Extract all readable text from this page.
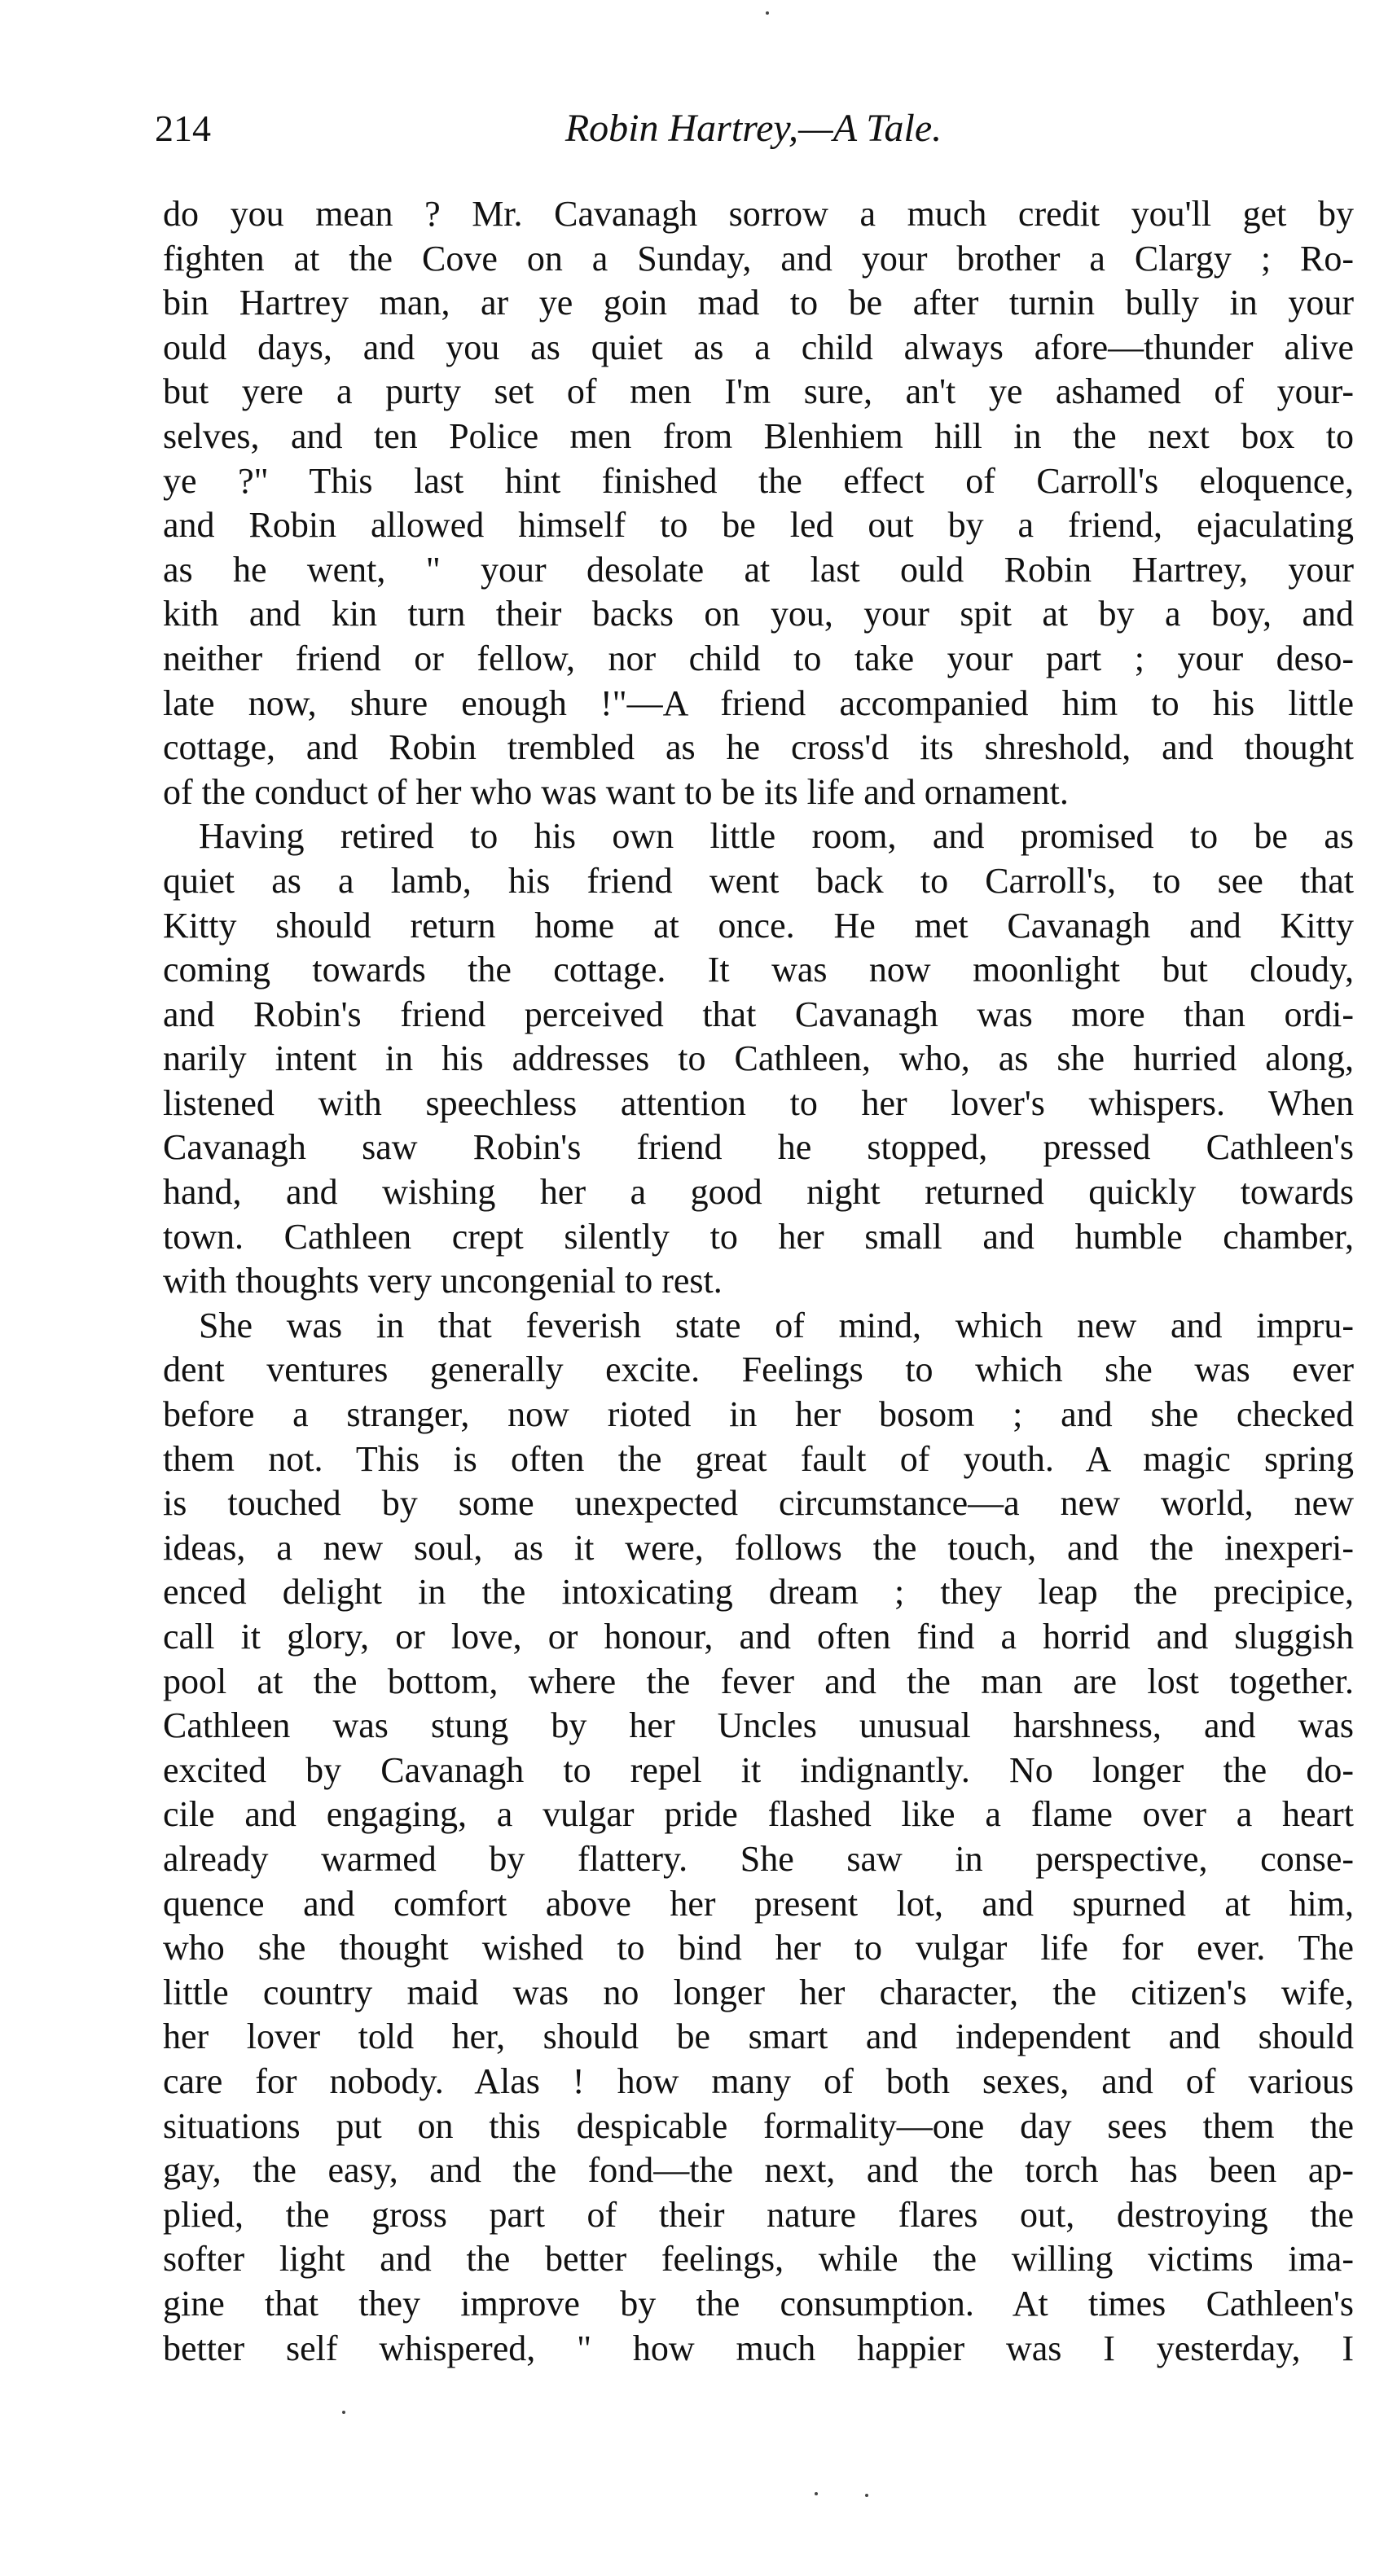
214	Robin Hartrey,—A Tale.
do you mean ? Mr. Cavanagh sorrow a much credit you'll get by
fighten at the Cove on a Sunday, and your brother a Clargy ; Ro-
bin Hartrey man, ar ye goin mad to be after turnin bully in your
ould days, and you as quiet as a child always afore—thunder alive
but yere a purty set of men I'm sure, an't ye ashamed of your-
selves, and ten Police men from Blenhiem hill in the next box to
ye ?" This last hint finished the effect of Carroll's eloquence,
and Robin allowed himself to be led out by a friend, ejaculating
as he went, " your desolate at last ould Robin Hartrey, your
kith and kin turn their backs on you, your spit at by a boy, and
neither friend or fellow, nor child to take your part ; your deso-
late now, shure enough !"—A friend accompanied him to his little
cottage, and Robin trembled as he cross'd its shreshold, and thought
of the conduct of her who was want to be its life and ornament.
Having retired to his own little room, and promised to be as
quiet as a lamb, his friend went back to Carroll's, to see that
Kitty should return home at once. He met Cavanagh and Kitty
coming towards the cottage. It was now moonlight but cloudy,
and Robin's friend perceived that Cavanagh was more than ordi-
narily intent in his addresses to Cathleen, who, as she hurried along,
listened with speechless attention to her lover's whispers. When
Cavanagh saw Robin's friend he stopped, pressed Cathleen's
hand, and wishing her a good night returned quickly towards
town. Cathleen crept silently to her small and humble chamber,
with thoughts very uncongenial to rest.
She was in that feverish state of mind, which new and impru-
dent ventures generally excite. Feelings to which she was ever
before a stranger, now rioted in her bosom ; and she checked
them not. This is often the great fault of youth. A magic spring
is touched by some unexpected circumstance—a new world, new
ideas, a new soul, as it were, follows the touch, and the inexperi-
enced delight in the intoxicating dream ; they leap the precipice,
call it glory, or love, or honour, and often find a horrid and sluggish
pool at the bottom, where the fever and the man are lost together.
Cathleen was stung by her Uncles unusual harshness, and was
excited by Cavanagh to repel it indignantly. No longer the do-
cile and engaging, a vulgar pride flashed like a flame over a heart
already warmed by flattery. She saw in perspective, conse-
quence and comfort above her present lot, and spurned at him,
who she thought wished to bind her to vulgar life for ever. The
little country maid was no longer her character, the citizen's wife,
her lover told her, should be smart and independent and should
care for nobody. Alas ! how many of both sexes, and of various
situations put on this despicable formality—one day sees them the
gay, the easy, and the fond—the next, and the torch has been ap-
plied, the gross part of their nature flares out, destroying the
softer light and the better feelings, while the willing victims ima-
gine that they improve by the consumption. At times Cathleen's
better self whispered, " how much happier was I yesterday, I
